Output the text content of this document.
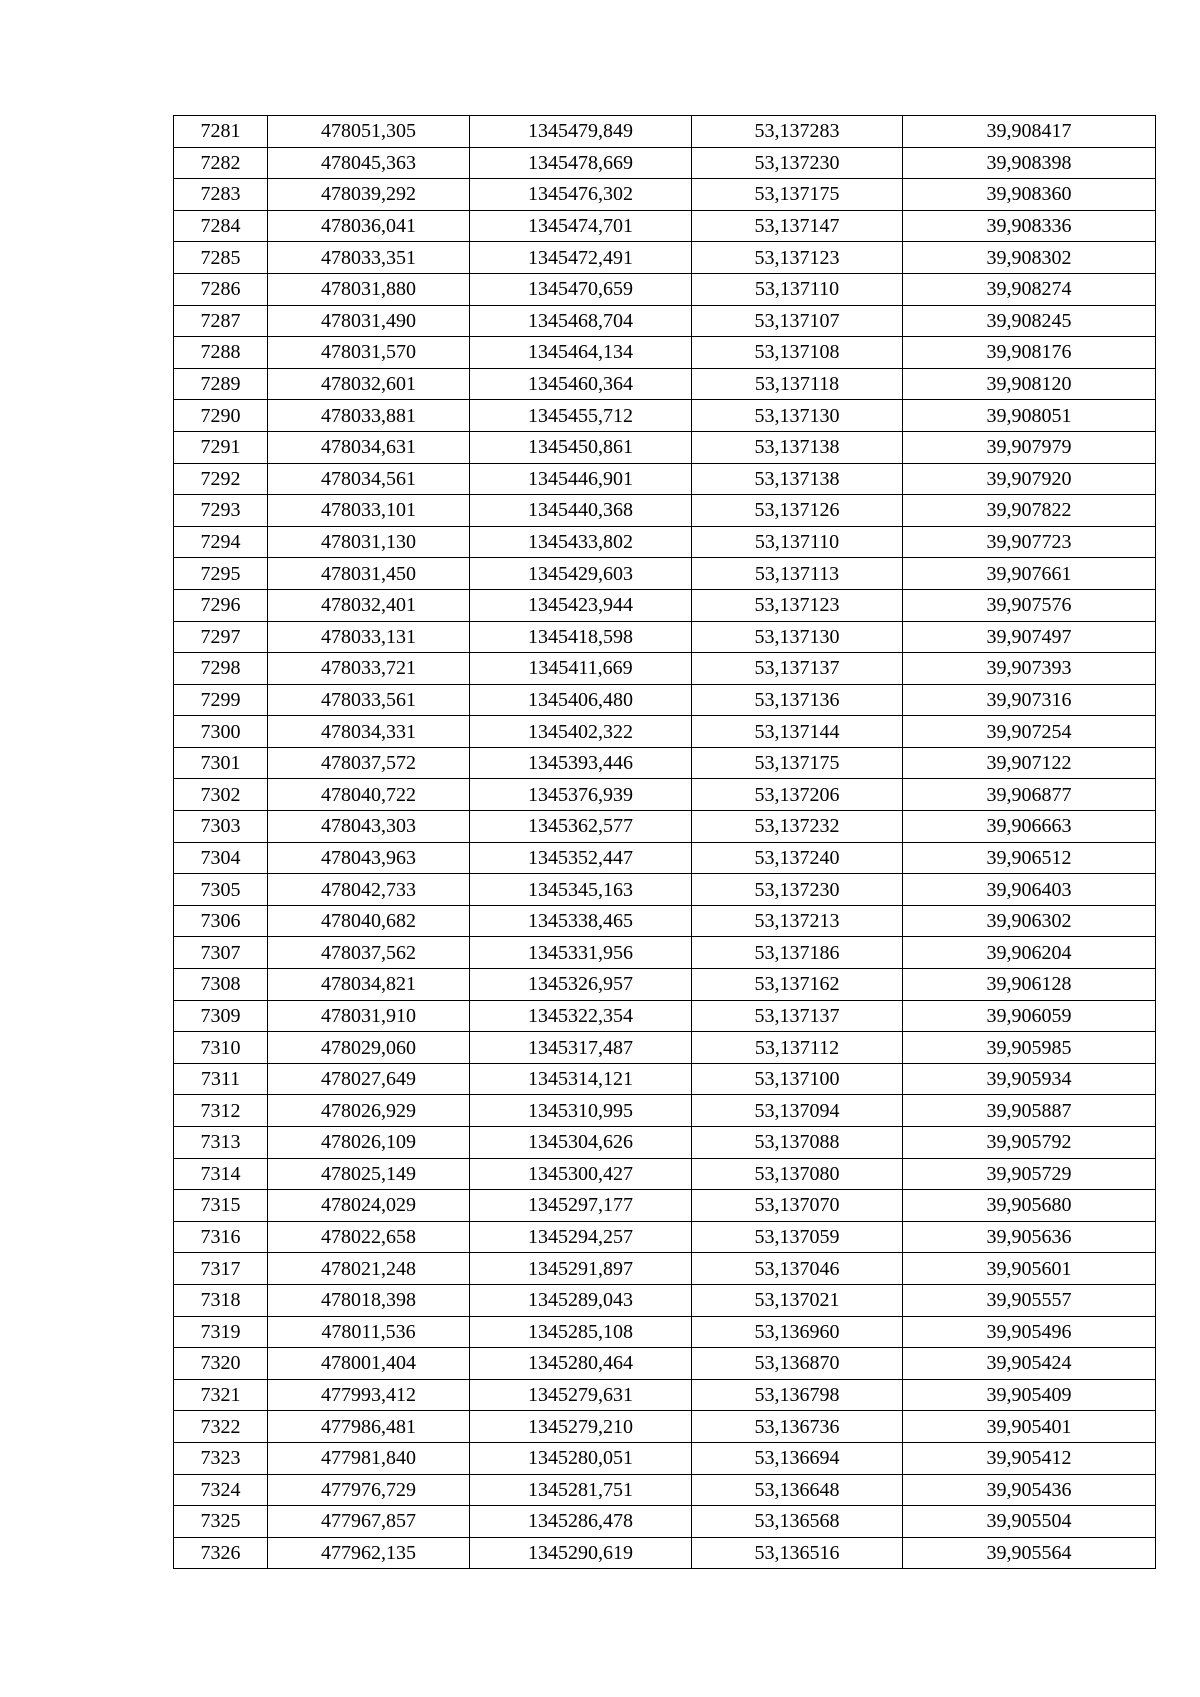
7281	478051,305	1345479,849	53,137283	39,908417
7282	478045,363	1345478,669	53,137230	39,908398
7283	478039,292	1345476,302	53,137175	39,908360
7284	478036,041	1345474,701	53,137147	39,908336
7285	478033,351	1345472,491	53,137123	39,908302
7286	478031,880	1345470,659	53,137110	39,908274
7287	478031,490	1345468,704	53,137107	39,908245
7288	478031,570	1345464,134	53,137108	39,908176
7289	478032,601	1345460,364	53,137118	39,908120
7290	478033,881	1345455,712	53,137130	39,908051
7291	478034,631	1345450,861	53,137138	39,907979
7292	478034,561	1345446,901	53,137138	39,907920
7293	478033,101	1345440,368	53,137126	39,907822
7294	478031,130	1345433,802	53,137110	39,907723
7295	478031,450	1345429,603	53,137113	39,907661
7296	478032,401	1345423,944	53,137123	39,907576
7297	478033,131	1345418,598	53,137130	39,907497
7298	478033,721	1345411,669	53,137137	39,907393
7299	478033,561	1345406,480	53,137136	39,907316
7300	478034,331	1345402,322	53,137144	39,907254
7301	478037,572	1345393,446	53,137175	39,907122
7302	478040,722	1345376,939	53,137206	39,906877
7303	478043,303	1345362,577	53,137232	39,906663
7304	478043,963	1345352,447	53,137240	39,906512
7305	478042,733	1345345,163	53,137230	39,906403
7306	478040,682	1345338,465	53,137213	39,906302
7307	478037,562	1345331,956	53,137186	39,906204
7308	478034,821	1345326,957	53,137162	39,906128
7309	478031,910	1345322,354	53,137137	39,906059
7310	478029,060	1345317,487	53,137112	39,905985
7311	478027,649	1345314,121	53,137100	39,905934
7312	478026,929	1345310,995	53,137094	39,905887
7313	478026,109	1345304,626	53,137088	39,905792
7314	478025,149	1345300,427	53,137080	39,905729
7315	478024,029	1345297,177	53,137070	39,905680
7316	478022,658	1345294,257	53,137059	39,905636
7317	478021,248	1345291,897	53,137046	39,905601
7318	478018,398	1345289,043	53,137021	39,905557
7319	478011,536	1345285,108	53,136960	39,905496
7320	478001,404	1345280,464	53,136870	39,905424
7321	477993,412	1345279,631	53,136798	39,905409
7322	477986,481	1345279,210	53,136736	39,905401
7323	477981,840	1345280,051	53,136694	39,905412
7324	477976,729	1345281,751	53,136648	39,905436
7325	477967,857	1345286,478	53,136568	39,905504
7326	477962,135	1345290,619	53,136516	39,905564
